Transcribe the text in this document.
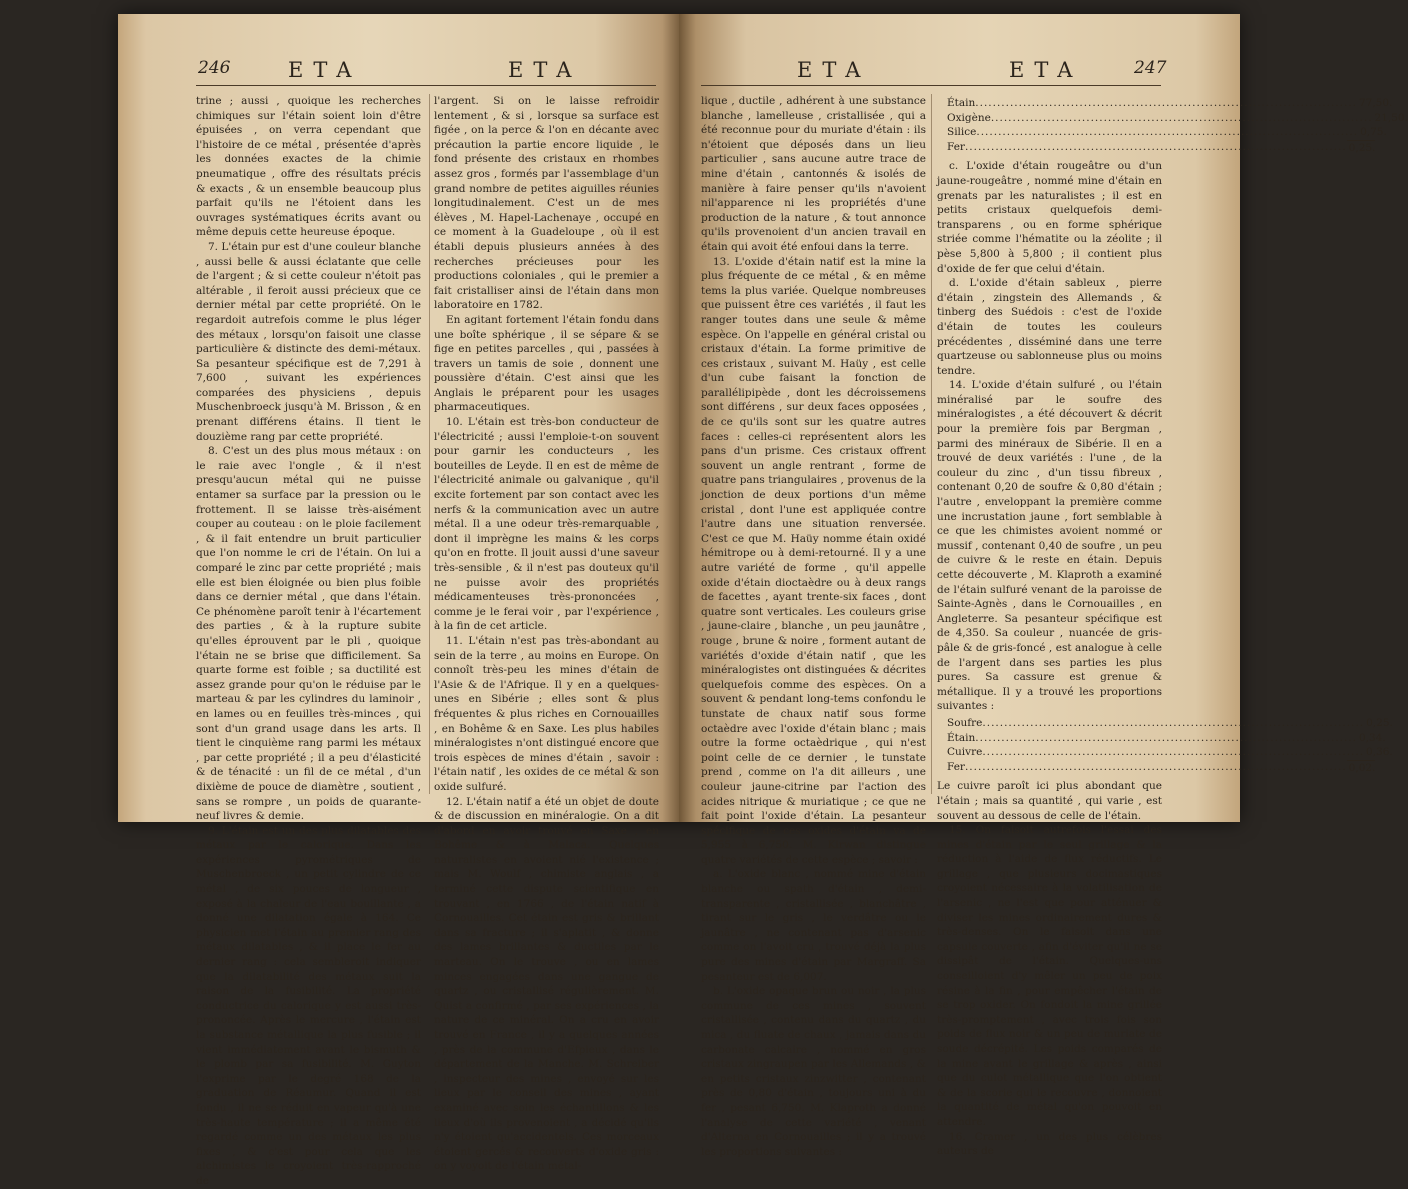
246	ETA	ETA

trine ; aussi , quoique les recherches chimiques sur l'étain soient loin d'être épuisées , on verra cependant que l'histoire de ce métal , présentée d'après les données exactes de la chimie pneumatique , offre des résultats précis & exacts , & un ensemble beaucoup plus parfait qu'ils ne l'étoient dans les ouvrages systématiques écrits avant ou même depuis cette heureuse époque.

7. L'étain pur est d'une couleur blanche , aussi belle & aussi éclatante que celle de l'argent ; & si cette couleur n'étoit pas altérable , il feroit aussi précieux que ce dernier métal par cette propriété. On le regardoit autrefois comme le plus léger des métaux , lorsqu'on faisoit une classe particulière & distincte des demi-métaux. Sa pesanteur spécifique est de 7,291 à 7,600 , suivant les expériences comparées des physiciens , depuis Muschenbroeck jusqu'à M. Brisson , & en prenant différens étains. Il tient le douzième rang par cette propriété.

8. C'est un des plus mous métaux : on le raie avec l'ongle , & il n'est presqu'aucun métal qui ne puisse entamer sa surface par la pression ou le frottement. Il se laisse très-aisément couper au couteau : on le ploie facilement , & il fait entendre un bruit particulier que l'on nomme le cri de l'étain. On lui a comparé le zinc par cette propriété ; mais elle est bien éloignée ou bien plus foible dans ce dernier métal , que dans l'étain. Ce phénomène paroît tenir à l'écartement des parties , & à la rupture subite qu'elles éprouvent par le pli , quoique l'étain ne se brise que difficilement. Sa quarte forme est foible ; sa ductilité est assez grande pour qu'on le réduise par le marteau & par les cylindres du laminoir , en lames ou en feuilles très-minces , qui sont d'un grand usage dans les arts. Il tient le cinquième rang parmi les métaux , par cette propriété ; il a peu d'élasticité & de ténacité : un fil de ce métal , d'un dixième de pouce de diamètre , soutient , sans se rompre , un poids de quarante-neuf livres & demie.

9. L'étain est un des plus dilatables des métaux par le calorique. Dans les expériences pyrométriques de Muschenbroeck , un petit cylindre de ce métal , de six pouces de longueur , exposé à la chaleur de l'eau bouillante , a donné une dilatation égale à 164. Ce physicien met l'étain au premier rang des métaux dilatables , & il place le fer au dernier rang : cela sembleroit indiquer que la dilatabilité des métaux suit la raison de la fusibilité. La propriété conductrice du calorique y est aussi très-prononcée. Après le mercure , l'étain est la substance métallique la plus fusible ; il vient immédiatement avant le bismuth & le plomb par sa fusibilité. M. Guyton l'exprime par le degré 168 de la graduation de Réaumur. Quand il est fondu , il ne se réduit en vapeur qu'à une très-haute température ; il a même été regardé comme un des métaux les plus fixes , & c'est pour cela que les alchimistes le croyoient très-rapproché de

l'argent. Si on le laisse refroidir lentement , & si , lorsque sa surface est figée , on la perce & l'on en décante avec précaution la partie encore liquide , le fond présente des cristaux en rhombes assez gros , formés par l'assemblage d'un grand nombre de petites aiguilles réunies longitudinalement. C'est un de mes élèves , M. Hapel-Lachenaye , occupé en ce moment à la Guadeloupe , où il est établi depuis plusieurs années à des recherches précieuses pour les productions coloniales , qui le premier a fait cristalliser ainsi de l'étain dans mon laboratoire en 1782.

En agitant fortement l'étain fondu dans une boîte sphérique , il se sépare & se fige en petites parcelles , qui , passées à travers un tamis de soie , donnent une poussière d'étain. C'est ainsi que les Anglais le préparent pour les usages pharmaceutiques.

10. L'étain est très-bon conducteur de l'électricité ; aussi l'emploie-t-on souvent pour garnir les conducteurs , les bouteilles de Leyde. Il en est de même de l'électricité animale ou galvanique , qu'il excite fortement par son contact avec les nerfs & la communication avec un autre métal. Il a une odeur très-remarquable , dont il imprègne les mains & les corps qu'on en frotte. Il jouit aussi d'une saveur très-sensible , & il n'est pas douteux qu'il ne puisse avoir des propriétés médicamenteuses très-prononcées , comme je le ferai voir , par l'expérience , à la fin de cet article.

11. L'étain n'est pas très-abondant au sein de la terre , au moins en Europe. On connoît très-peu les mines d'étain de l'Asie & de l'Afrique. Il y en a quelques-unes en Sibérie ; elles sont & plus fréquentes & plus riches en Cornouailles , en Bohême & en Saxe. Les plus habiles minéralogistes n'ont distingué encore que trois espèces de mines d'étain , savoir : l'étain natif , les oxides de ce métal & son oxide sulfuré.

12. L'étain natif a été un objet de doute & de discussion en minéralogie. On a dit d'abord en avoir trouvé en Saxe , en Bohême & à Malaca. Quelques naturalistes en avoient nié l'existence ; mais M. Woulf , chimiste anglais , a terminé cette dispute scientifique en trouvant , en 1766 , de l'étain natif à Cornouailles. Cet étain est gris & brillant dans sa fracture ; il s'aplatit , & donne des lames brillantes & ductiles par le marteau. On le trouve , ou en lames minces engagées dans une gangue de quartz , ou cristallisé régulièrement. M. Quist a confirmé , par ses expériences , la nature de ce minéral. On a cru en avoir trouvé en France , il y a quelques années , près de la commune d'Efpieux , dans le département de la Manche. M. Schreiber , inspecteur des mines , envoyé sur les lieux par le conseil des mines , ayant examiné avec soin les échantillons & les lieux d'où ils provenoient , a décidé qu'ils n'y étoient qu'accidentels. Ces morceaux étoient gercés & recouverts d'oxide gris : on y voyoit de l'étain métal-

ETA	ETA	247

lique , ductile , adhérent à une substance blanche , lamelleuse , cristallisée , qui a été reconnue pour du muriate d'étain : ils n'étoient que déposés dans un lieu particulier , sans aucune autre trace de mine d'étain , cantonnés & isolés de manière à faire penser qu'ils n'avoient nil'apparence ni les propriétés d'une production de la nature , & tout annonce qu'ils provenoient d'un ancien travail en étain qui avoit été enfoui dans la terre.

13. L'oxide d'étain natif est la mine la plus fréquente de ce métal , & en même tems la plus variée. Quelque nombreuses que puissent être ces variétés , il faut les ranger toutes dans une seule & même espèce. On l'appelle en général cristal ou cristaux d'étain. La forme primitive de ces cristaux , suivant M. Haüy , est celle d'un cube faisant la fonction de parallélipipède , dont les décroissemens sont différens , sur deux faces opposées , de ce qu'ils sont sur les quatre autres faces : celles-ci représentent alors les pans d'un prisme. Ces cristaux offrent souvent un angle rentrant , forme de quatre pans triangulaires , provenus de la jonction de deux portions d'un même cristal , dont l'une est appliquée contre l'autre dans une situation renversée. C'est ce que M. Haüy nomme étain oxidé hémitrope ou à demi-retourné. Il y a une autre variété de forme , qu'il appelle oxide d'étain dioctaèdre ou à deux rangs de facettes , ayant trente-six faces , dont quatre sont verticales. Les couleurs grise , jaune-claire , blanche , un peu jaunâtre , rouge , brune & noire , forment autant de variétés d'oxide d'étain natif , que les minéralogistes ont distinguées & décrites quelquefois comme des espèces. On a souvent & pendant long-tems confondu le tunstate de chaux natif sous forme octaèdre avec l'oxide d'étain blanc ; mais outre la forme octaèdrique , qui n'est point celle de ce dernier , le tunstate prend , comme on l'a dit ailleurs , une couleur jaune-citrine par l'action des acides nitrique & muriatique ; ce que ne fait point l'oxide d'étain. La pesanteur spécifique de ces oxides d'étain va de 5,955 à 6,750. M. Kirwan distingue quatre variétés de cette espèce ; savoir :

a. L'oxide blanc , nommé mine d'étain blanche ou spath d'étain , demi-transparente , cristallisée , blanchâtre , tirant sur le gris , le verdâtre ou le jaunâtre , ne contenant pas d'arsenic comme on l'avoit cru , trouvé déjà la plus pure des mines d'étain par Margraff. Sa pesanteur est de 6,007.

b. L'oxide opaque brun ou noir , la plus commune de ces mines , souvent cristallisée , contenu dans du quartz , du mica , du fluate de chaux , jamais dans du carbonate calcaire , nommé en gros cristaux zingraupen par les Allemands , & en petits cristaux zinzwitter , contenant près de 0,80 d'étain , toujours uni à du fer , pesant 6,750. M. Klaproth a donné l'analyse de cette variété , venant d'Alterna en Cornouailles ; il y a trouvé les proportions suivantes :

Étain .....	77,50.
Oxigène .....	21,50.
Silice .....	0,75.
Fer .....	0,25.

c. L'oxide d'étain rougeâtre ou d'un jaune-rougeâtre , nommé mine d'étain en grenats par les naturalistes ; il est en petits cristaux quelquefois demi-transparens , ou en forme sphérique striée comme l'hématite ou la zéolite ; il pèse 5,800 à 5,800 ; il contient plus d'oxide de fer que celui d'étain.

d. L'oxide d'étain sableux , pierre d'étain , zingstein des Allemands , & tinberg des Suédois : c'est de l'oxide d'étain de toutes les couleurs précédentes , disséminé dans une terre quartzeuse ou sablonneuse plus ou moins tendre.

14. L'oxide d'étain sulfuré , ou l'étain minéralisé par le soufre des minéralogistes , a été découvert & décrit pour la première fois par Bergman , parmi des minéraux de Sibérie. Il en a trouvé de deux variétés : l'une , de la couleur du zinc , d'un tissu fibreux , contenant 0,20 de soufre & 0,80 d'étain ; l'autre , enveloppant la première comme une incrustation jaune , fort semblable à ce que les chimistes avoient nommé or mussif , contenant 0,40 de soufre , un peu de cuivre & le reste en étain. Depuis cette découverte , M. Klaproth a examiné de l'étain sulfuré venant de la paroisse de Sainte-Agnès , dans le Cornouailles , en Angleterre. Sa pesanteur spécifique est de 4,350. Sa couleur , nuancée de gris-pâle & de gris-foncé , est analogue à celle de l'argent dans ses parties les plus pures. Sa cassure est grenue & métallique. Il y a trouvé les proportions suivantes :

Soufre .....	0,25.
Étain .....	0,34.
Cuivre .....	0,36.
Fer .....	0,02.

Le cuivre paroît ici plus abondant que l'étain ; mais sa quantité , qui varie , est souvent au dessous de celle de l'étain.

15. On faisoit autrefois l'essai des mines d'étain par le seul grillage & la réduction à l'aide de flux réductifs. Le grillage , que plusieurs docimastiques croyoient nécessaire à la volatilisation de l'arsenic , ne l'est que pour atténuer & diviser les mines ordinairement dures & très-denses. On le faisoit dans une capsule couverte , afin d'éviter qu'il ne se dissipât de l'étain. Quelques-uns conseilloient d'y mêler un peu de poix résine à la fin , pour empêcher l'étain de se trop oxider. On fondoit la mine grillée très-promptement , avec trois fois son poids de flux noir & un peu de muriate de soude décrépité. Les poids comparés de la mine avant le grillage & après , ainsi que du culot métallique que l'on obtient & de la scorie qui le recouvre , donnoient la quantité de métal qu'on pouvoit en attendre.

16. Cramer , un des plus célèbres auteurs de
